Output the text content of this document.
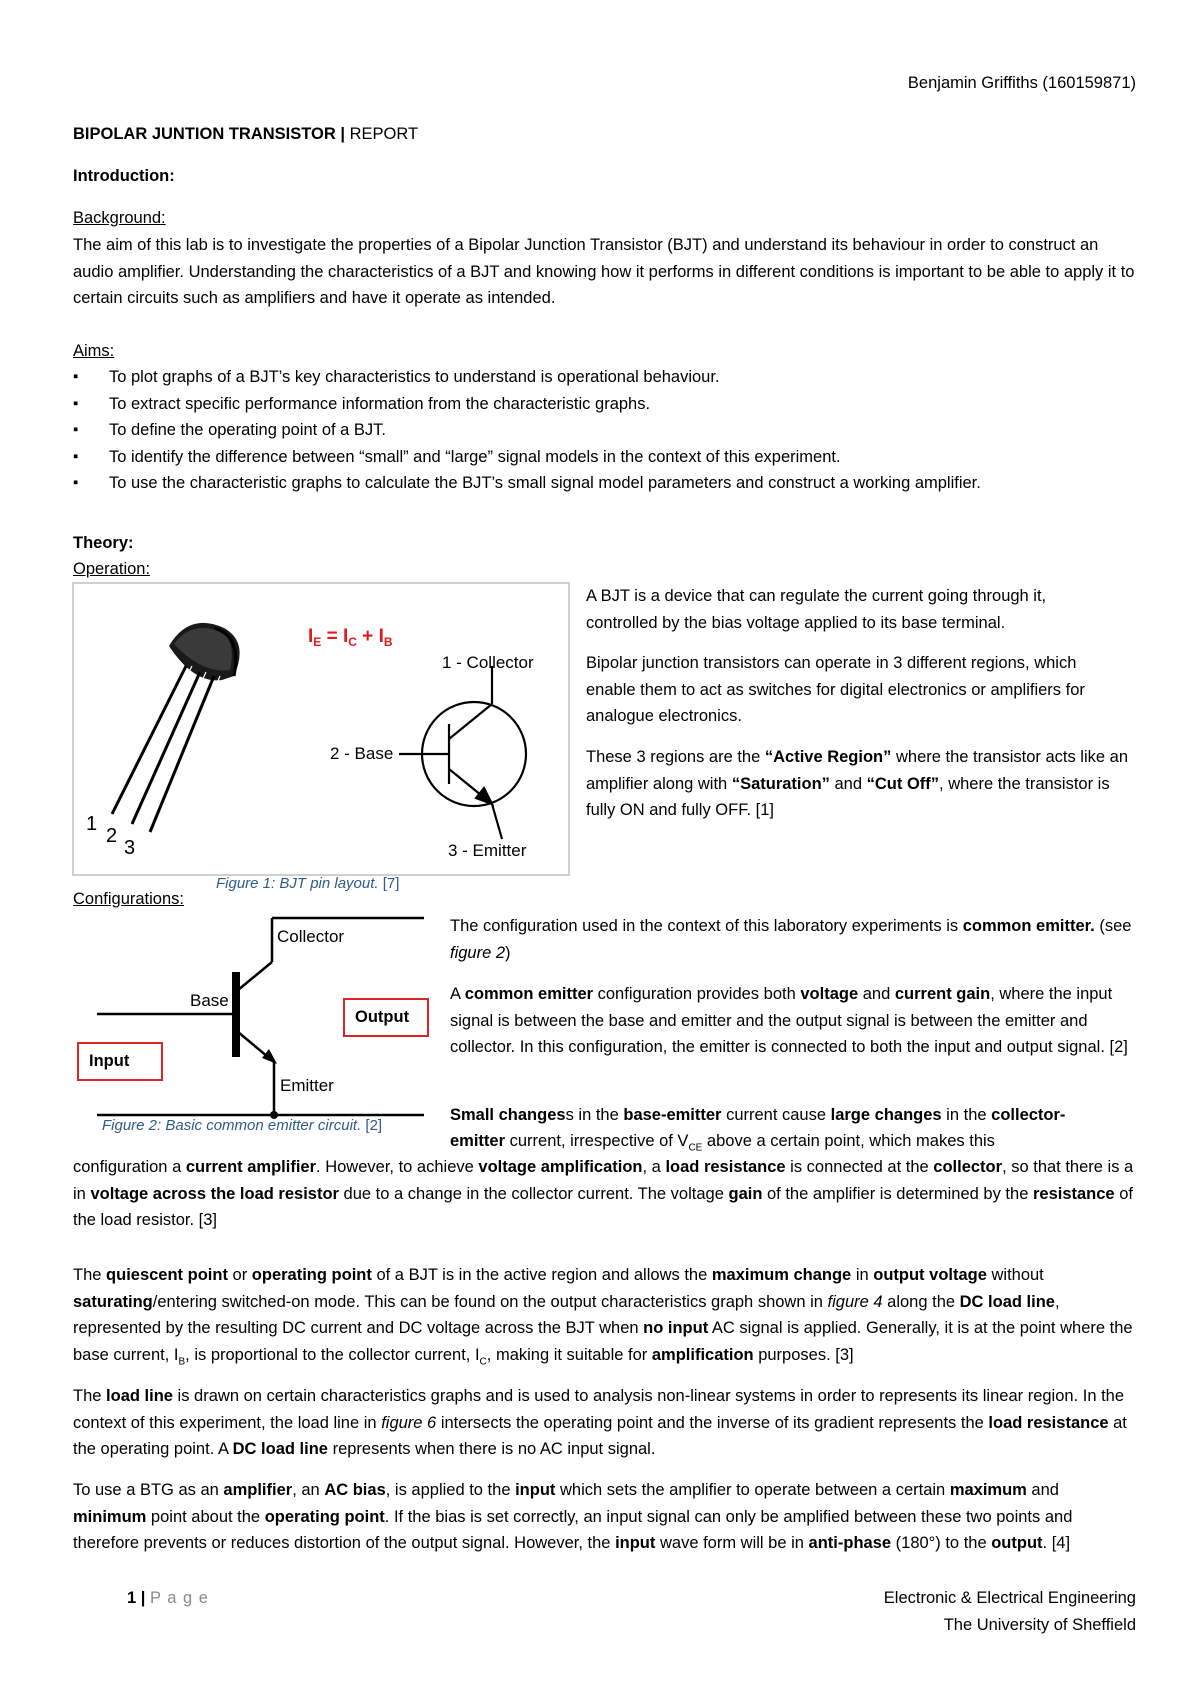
Benjamin Griffiths (160159871)
BIPOLAR JUNTION TRANSISTOR | REPORT
Introduction:
Background:

The aim of this lab is to investigate the properties of a Bipolar Junction Transistor (BJT) and understand its behaviour in order to construct an audio amplifier. Understanding the characteristics of a BJT and knowing how it performs in different conditions is important to be able to apply it to certain circuits such as amplifiers and have it operate as intended.

Aims:
▪ To plot graphs of a BJT’s key characteristics to understand is operational behaviour.
▪ To extract specific performance information from the characteristic graphs.
▪ To define the operating point of a BJT.
▪ To identify the difference between “small” and “large” signal models in the context of this experiment.
▪ To use the characteristic graphs to calculate the BJT’s small signal model parameters and construct a working amplifier.
Theory:
Operation:
1
2
3
$I_E = I_C + I_B$
1 - Collector
2 - Base
3 - Emitter
Figure 1: BJT pin layout. [7]

A BJT is a device that can regulate the current going through it, controlled by the bias voltage applied to its base terminal.

Bipolar junction transistors can operate in 3 different regions, which enable them to act as switches for digital electronics or amplifiers for analogue electronics.

These 3 regions are the “Active Region” where the transistor acts like an amplifier along with “Saturation” and “Cut Off”, where the transistor is fully ON and fully OFF. [1]

Configurations:
Collector
Base
Emitter
Output
Input
Figure 2: Basic common emitter circuit. [2]

The configuration used in the context of this laboratory experiments is common emitter. (see figure 2)

A common emitter configuration provides both voltage and current gain, where the input signal is between the base and emitter and the output signal is between the emitter and collector. In this configuration, the emitter is connected to both the input and output signal. [2]

Small changess in the base-emitter current cause large changes in the collector-
emitter current, irrespective of $V_{CE}$ above a certain point, which makes this

configuration a current amplifier. However, to achieve voltage amplification, a load resistance is connected at the collector, so that there is a in voltage across the load resistor due to a change in the collector current. The voltage gain of the amplifier is determined by the resistance of the load resistor. [3]

The quiescent point or operating point of a BJT is in the active region and allows the maximum change in output voltage without saturating/entering switched-on mode. This can be found on the output characteristics graph shown in figure 4 along the DC load line, represented by the resulting DC current and DC voltage across the BJT when no input AC signal is applied. Generally, it is at the point where the base current, $I_B$, is proportional to the collector current, $I_C$, making it suitable for amplification purposes. [3]

The load line is drawn on certain characteristics graphs and is used to analysis non-linear systems in order to represents its linear region. In the context of this experiment, the load line in figure 6 intersects the operating point and the inverse of its gradient represents the load resistance at the operating point. A DC load line represents when there is no AC input signal.

To use a BTG as an amplifier, an AC bias, is applied to the input which sets the amplifier to operate between a certain maximum and minimum point about the operating point. If the bias is set correctly, an input signal can only be amplified between these two points and therefore prevents or reduces distortion of the output signal. However, the input wave form will be in anti-phase (180°) to the output. [4]

1 | P a g e	Electronic & Electrical Engineering
The University of Sheffield
